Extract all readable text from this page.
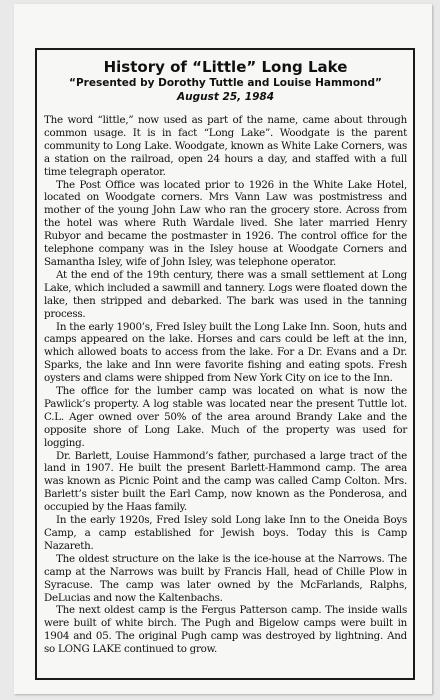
History of “Little” Long Lake

“Presented by Dorothy Tuttle and Louise Hammond”

August 25, 1984

The word “little,” now used as part of the name, came about through common usage. It is in fact “Long Lake”. Woodgate is the parent community to Long Lake. Woodgate, known as White Lake Corners, was a station on the railroad, open 24 hours a day, and staffed with a full time telegraph operator.

The Post Office was located prior to 1926 in the White Lake Hotel, located on Woodgate corners. Mrs Vann Law was postmistress and mother of the young John Law who ran the grocery store. Across from the hotel was where Ruth Wardale lived. She later married Henry Rubyor and became the postmaster in 1926. The control office for the telephone company was in the Isley house at Woodgate Corners and Samantha Isley, wife of John Isley, was telephone operator.

At the end of the 19th century, there was a small settlement at Long Lake, which included a sawmill and tannery. Logs were floated down the lake, then stripped and debarked. The bark was used in the tanning process.

In the early 1900’s, Fred Isley built the Long Lake Inn. Soon, huts and camps appeared on the lake. Horses and cars could be left at the inn, which allowed boats to access from the lake. For a Dr. Evans and a Dr. Sparks, the lake and Inn were favorite fishing and eating spots. Fresh oysters and clams were shipped from New York City on ice to the Inn.

The office for the lumber camp was located on what is now the Pawlick’s property. A log stable was located near the present Tuttle lot. C.L. Ager owned over 50% of the area around Brandy Lake and the opposite shore of Long Lake. Much of the property was used for logging.

Dr. Barlett, Louise Hammond’s father, purchased a large tract of the land in 1907. He built the present Barlett-Hammond camp. The area was known as Picnic Point and the camp was called Camp Colton. Mrs. Barlett’s sister built the Earl Camp, now known as the Ponderosa, and occupied by the Haas family.

In the early 1920s, Fred Isley sold Long lake Inn to the Oneida Boys Camp, a camp established for Jewish boys. Today this is Camp Nazareth.

The oldest structure on the lake is the ice-house at the Narrows. The camp at the Narrows was built by Francis Hall, head of Chille Plow in Syracuse. The camp was later owned by the McFarlands, Ralphs, DeLucias and now the Kaltenbachs.

The next oldest camp is the Fergus Patterson camp. The inside walls were built of white birch. The Pugh and Bigelow camps were built in 1904 and 05. The original Pugh camp was destroyed by lightning. And so LONG LAKE continued to grow.
